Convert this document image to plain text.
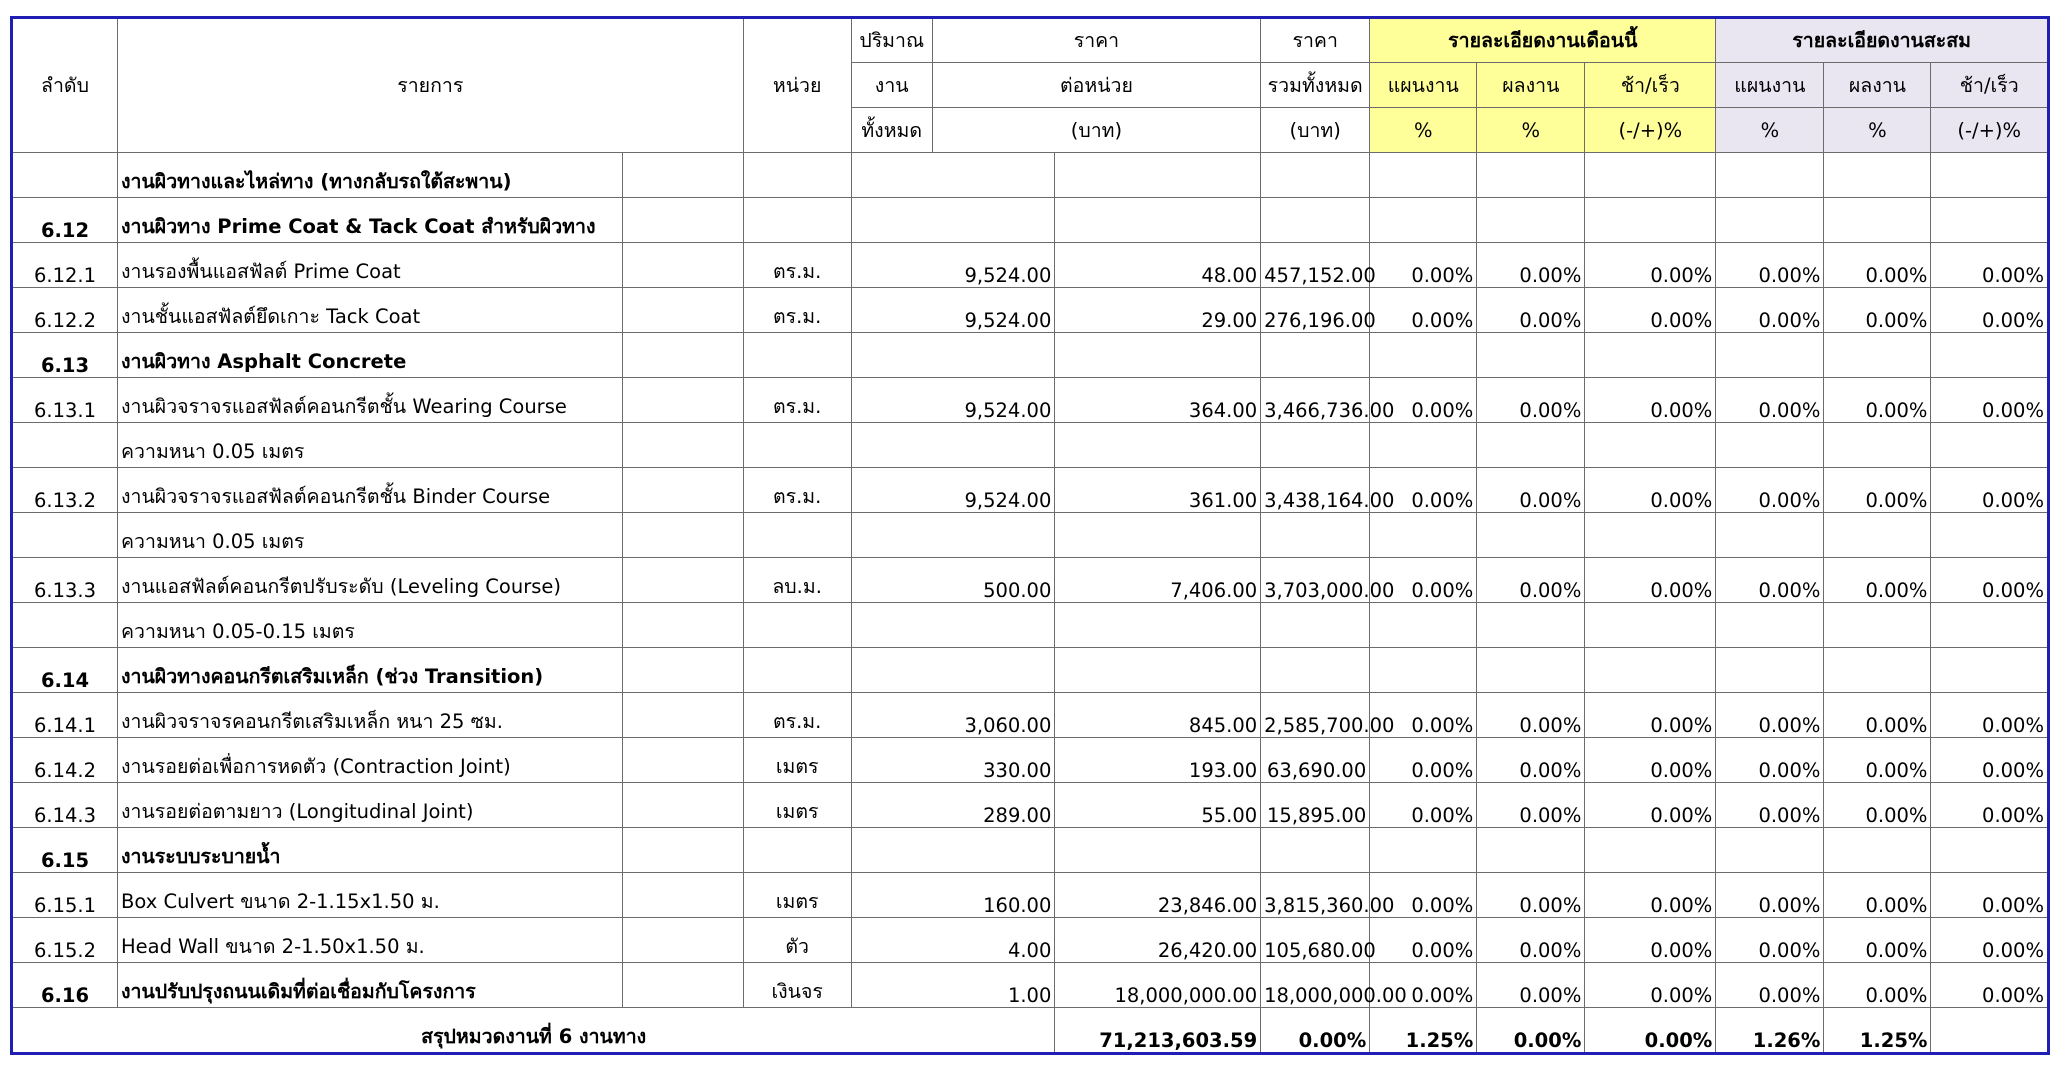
ลำดับ	รายการ		หน่วย	ปริมาณ	ราคา		ราคา	รายละเอียดงานเดือนนี้			รายละเอียดงานสะสม		
				งาน	ต่อหน่วย		รวมทั้งหมด	แผนงาน	ผลงาน	ช้า/เร็ว	แผนงาน	ผลงาน	ช้า/เร็ว
				ทั้งหมด	(บาท)		(บาท)	%	%	(-/+)%	%	%	(-/+)%
	งานผิวทางและไหล่ทาง (ทางกลับรถใต้สะพาน)												
6.12	งานผิวทาง Prime Coat & Tack Coat สำหรับผิวทาง												
6.12.1	งานรองพื้นแอสฟัลต์ Prime Coat		ตร.ม.	9,524.00		48.00	457,152.00	0.00%	0.00%	0.00%	0.00%	0.00%	0.00%
6.12.2	งานชั้นแอสฟัลต์ยึดเกาะ Tack Coat		ตร.ม.	9,524.00		29.00	276,196.00	0.00%	0.00%	0.00%	0.00%	0.00%	0.00%
6.13	งานผิวทาง Asphalt Concrete												
6.13.1	งานผิวจราจรแอสฟัลต์คอนกรีตชั้น Wearing Course		ตร.ม.	9,524.00		364.00	3,466,736.00	0.00%	0.00%	0.00%	0.00%	0.00%	0.00%
	ความหนา 0.05 เมตร												
6.13.2	งานผิวจราจรแอสฟัลต์คอนกรีตชั้น Binder Course		ตร.ม.	9,524.00		361.00	3,438,164.00	0.00%	0.00%	0.00%	0.00%	0.00%	0.00%
	ความหนา 0.05 เมตร												
6.13.3	งานแอสฟัลต์คอนกรีตปรับระดับ (Leveling Course)		ลบ.ม.	500.00		7,406.00	3,703,000.00	0.00%	0.00%	0.00%	0.00%	0.00%	0.00%
	ความหนา 0.05-0.15 เมตร												
6.14	งานผิวทางคอนกรีตเสริมเหล็ก (ช่วง Transition)												
6.14.1	งานผิวจราจรคอนกรีตเสริมเหล็ก หนา 25 ซม.		ตร.ม.	3,060.00		845.00	2,585,700.00	0.00%	0.00%	0.00%	0.00%	0.00%	0.00%
6.14.2	งานรอยต่อเพื่อการหดตัว (Contraction Joint)		เมตร	330.00		193.00	63,690.00	0.00%	0.00%	0.00%	0.00%	0.00%	0.00%
6.14.3	งานรอยต่อตามยาว (Longitudinal Joint)		เมตร	289.00		55.00	15,895.00	0.00%	0.00%	0.00%	0.00%	0.00%	0.00%
6.15	งานระบบระบายน้ำ												
6.15.1	Box Culvert ขนาด 2-1.15x1.50 ม.		เมตร	160.00		23,846.00	3,815,360.00	0.00%	0.00%	0.00%	0.00%	0.00%	0.00%
6.15.2	Head Wall ขนาด 2-1.50x1.50 ม.		ตัว	4.00		26,420.00	105,680.00	0.00%	0.00%	0.00%	0.00%	0.00%	0.00%
6.16	งานปรับปรุงถนนเดิมที่ต่อเชื่อมกับโครงการ		เงินจร	1.00		18,000,000.00	18,000,000.00	0.00%	0.00%	0.00%	0.00%	0.00%	0.00%
สรุปหมวดงานที่ 6 งานทาง						71,213,603.59	0.00%	1.25%	0.00%	0.00%	1.26%	1.25%	
